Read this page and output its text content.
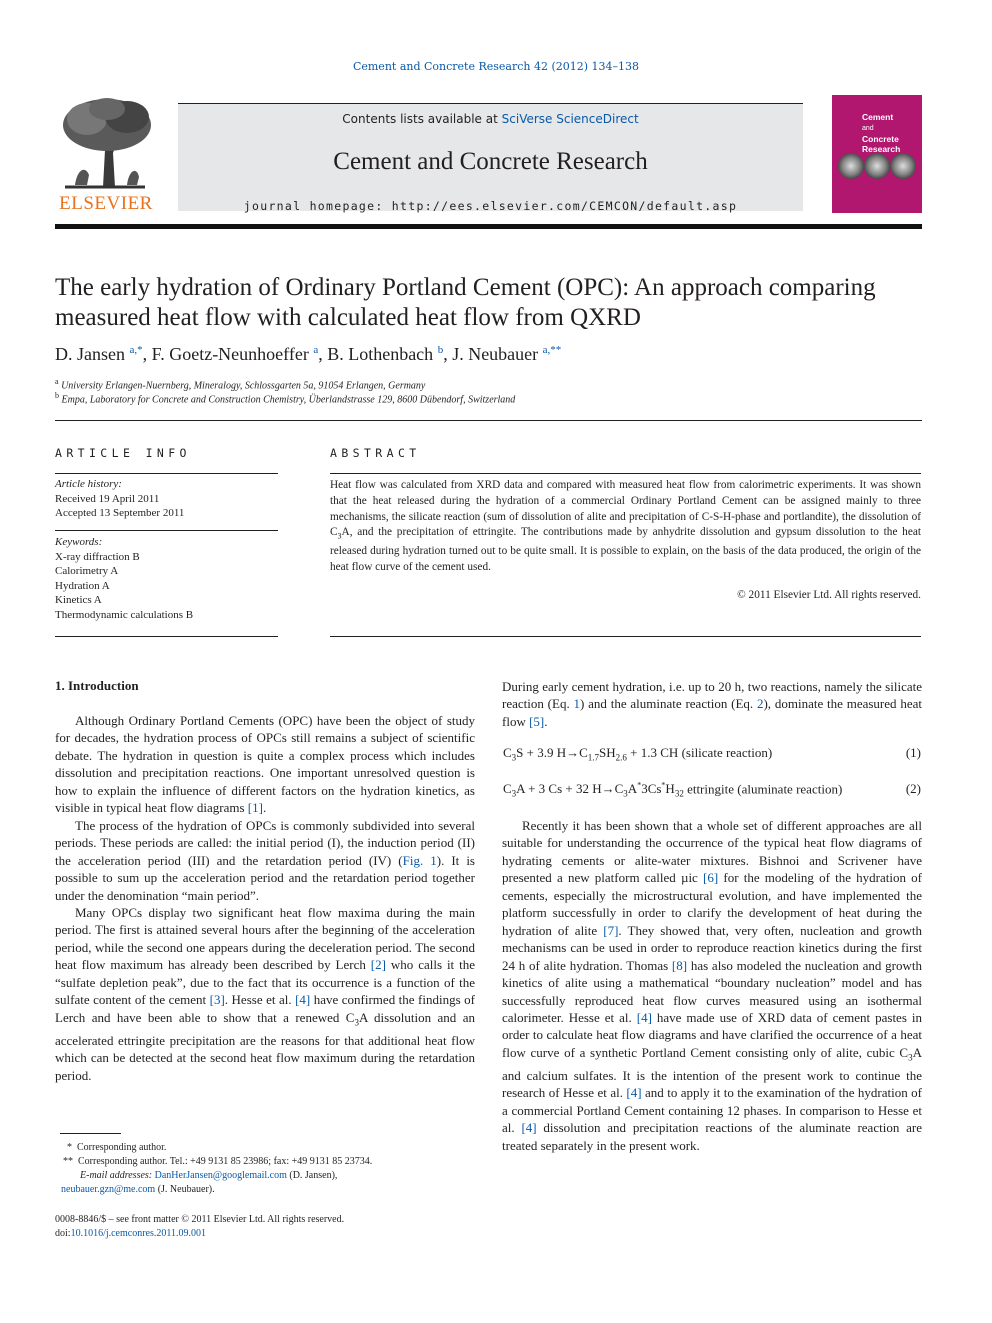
Cement and Concrete Research 42 (2012) 134–138
ELSEVIER
Contents lists available at SciVerse ScienceDirect
Cement and Concrete Research
journal homepage: http://ees.elsevier.com/CEMCON/default.asp
Cement
and
Concrete
Research
The early hydration of Ordinary Portland Cement (OPC): An approach comparing measured heat flow with calculated heat flow from QXRD
D. Jansen $^{a,*}$, F. Goetz-Neunhoeffer $^a$, B. Lothenbach $^b$, J. Neubauer $^{a,**}$
$^a$ University Erlangen-Nuernberg, Mineralogy, Schlossgarten 5a, 91054 Erlangen, Germany
$^b$ Empa, Laboratory for Concrete and Construction Chemistry, Überlandstrasse 129, 8600 Dübendorf, Switzerland
ARTICLE INFO
Article history:
Received 19 April 2011
Accepted 13 September 2011
Keywords:
X-ray diffraction B
Calorimetry A
Hydration A
Kinetics A
Thermodynamic calculations B
ABSTRACT
Heat flow was calculated from XRD data and compared with measured heat flow from calorimetric experiments. It was shown that the heat released during the hydration of a commercial Ordinary Portland Cement can be assigned mainly to three mechanisms, the silicate reaction (sum of dissolution of alite and precipitation of C-S-H-phase and portlandite), the dissolution of $C_3A$, and the precipitation of ettringite. The contributions made by anhydrite dissolution and gypsum dissolution to the heat released during hydration turned out to be quite small. It is possible to explain, on the basis of the data produced, the origin of the heat flow curve of the cement used.
© 2011 Elsevier Ltd. All rights reserved.
1. Introduction

Although Ordinary Portland Cements (OPC) have been the object of study for decades, the hydration process of OPCs still remains a subject of scientific debate. The hydration in question is quite a complex process which includes dissolution and precipitation reactions. One important unresolved question is how to explain the influence of different factors on the hydration kinetics, as visible in typical heat flow diagrams [1].

The process of the hydration of OPCs is commonly subdivided into several periods. These periods are called: the initial period (I), the induction period (II) the acceleration period (III) and the retardation period (IV) (Fig. 1). It is possible to sum up the acceleration period and the retardation period together under the denomination “main period”.

Many OPCs display two significant heat flow maxima during the main period. The first is attained several hours after the beginning of the acceleration period, while the second one appears during the deceleration period. The second heat flow maximum has already been described by Lerch [2] who calls it the “sulfate depletion peak”, due to the fact that its occurrence is a function of the sulfate content of the cement [3]. Hesse et al. [4] have confirmed the findings of Lerch and have been able to show that a renewed $C_3A$ dissolution and an accelerated ettringite precipitation are the reasons for that additional heat flow which can be detected at the second heat flow maximum during the retardation period.

During early cement hydration, i.e. up to 20 h, two reactions, namely the silicate reaction (Eq. 1) and the aluminate reaction (Eq. 2), dominate the measured heat flow [5].

$C_3S + 3.9$ $H\to C_{1.7}SH_{2.6} + 1.3$ CH (silicate reaction)	(1)
$C_3A + 3$ Cs + 32 $H\to C_3A^*3Cs^*H_{32}$ ettringite (aluminate reaction)	(2)

Recently it has been shown that a whole set of different approaches are all suitable for understanding the occurrence of the typical heat flow diagrams of hydrating cements or alite-water mixtures. Bishnoi and Scrivener have presented a new platform called µic [6] for the modeling of the hydration of cements, especially the microstructural evolution, and have implemented the platform successfully in order to clarify the development of heat during the hydration of alite [7]. They showed that, very often, nucleation and growth mechanisms can be used in order to reproduce reaction kinetics during the first 24 h of alite hydration. Thomas [8] has also modeled the nucleation and growth kinetics of alite using a mathematical “boundary nucleation” model and has successfully reproduced heat flow curves measured using an isothermal calorimeter. Hesse et al. [4] have made use of XRD data of cement pastes in order to calculate heat flow diagrams and have clarified the occurrence of a heat flow curve of a synthetic Portland Cement consisting only of alite, cubic $C_3A$ and calcium sulfates. It is the intention of the present work to continue the research of Hesse et al. [4] and to apply it to the examination of the hydration of a commercial Portland Cement containing 12 phases. In comparison to Hesse et al. [4] dissolution and precipitation reactions of the aluminate reaction are treated separately in the present work.

*  Corresponding author.
**  Corresponding author. Tel.: +49 9131 85 23986; fax: +49 9131 85 23734.
E-mail addresses: DanHerJansen@googlemail.com (D. Jansen),
neubauer.gzn@me.com (J. Neubauer).
0008-8846/$ – see front matter © 2011 Elsevier Ltd. All rights reserved.
doi:10.1016/j.cemconres.2011.09.001
